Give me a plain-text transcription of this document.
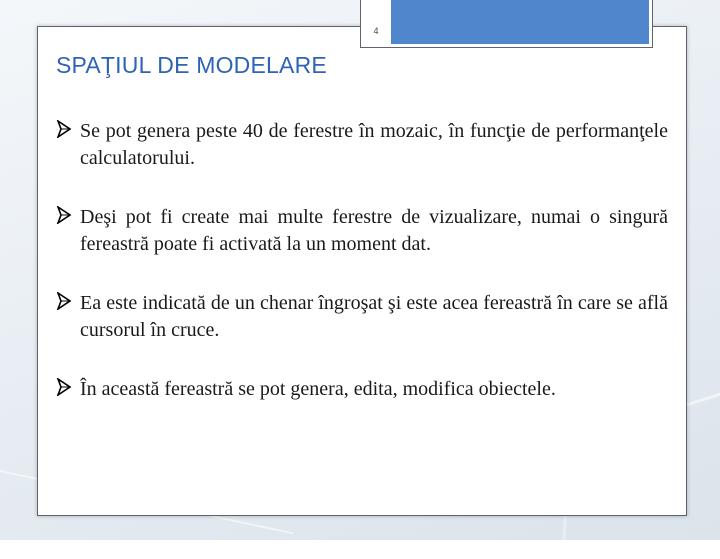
4
SPAŢIUL DE MODELARE
Se pot genera peste 40 de ferestre în mozaic, în funcţie de performanţele calculatorului.
Deşi pot fi create mai multe ferestre de vizualizare, numai o singură fereastră poate fi activată la un moment dat.
Ea este indicată de un chenar îngroşat şi este acea fereastră în care se află cursorul în cruce.
În această fereastră se pot genera, edita, modifica obiectele.
